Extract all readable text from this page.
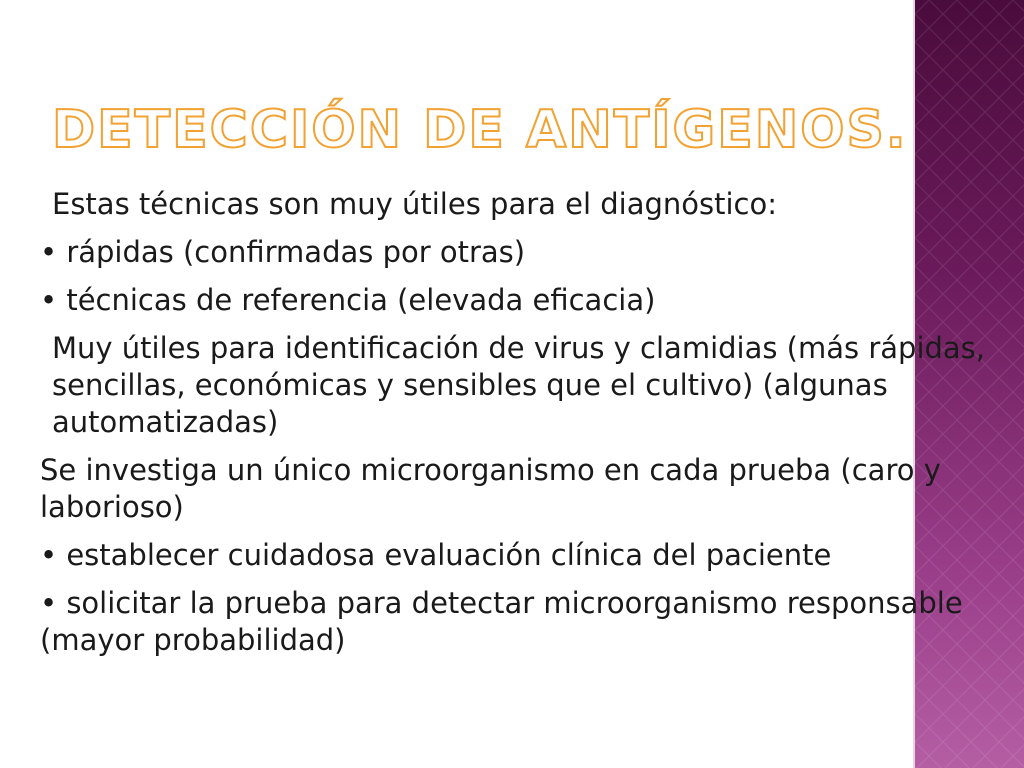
DETECCIÓN DE ANTÍGENOS.

Estas técnicas son muy útiles para el diagnóstico:

• rápidas (confirmadas por otras)

• técnicas de referencia (elevada eficacia)

Muy útiles para identificación de virus y clamidias (más rápidas, sencillas, económicas y sensibles que el cultivo) (algunas automatizadas)

Se investiga un único microorganismo en cada prueba (caro y laborioso)

• establecer cuidadosa evaluación clínica del paciente

• solicitar la prueba para detectar microorganismo responsable (mayor probabilidad)
